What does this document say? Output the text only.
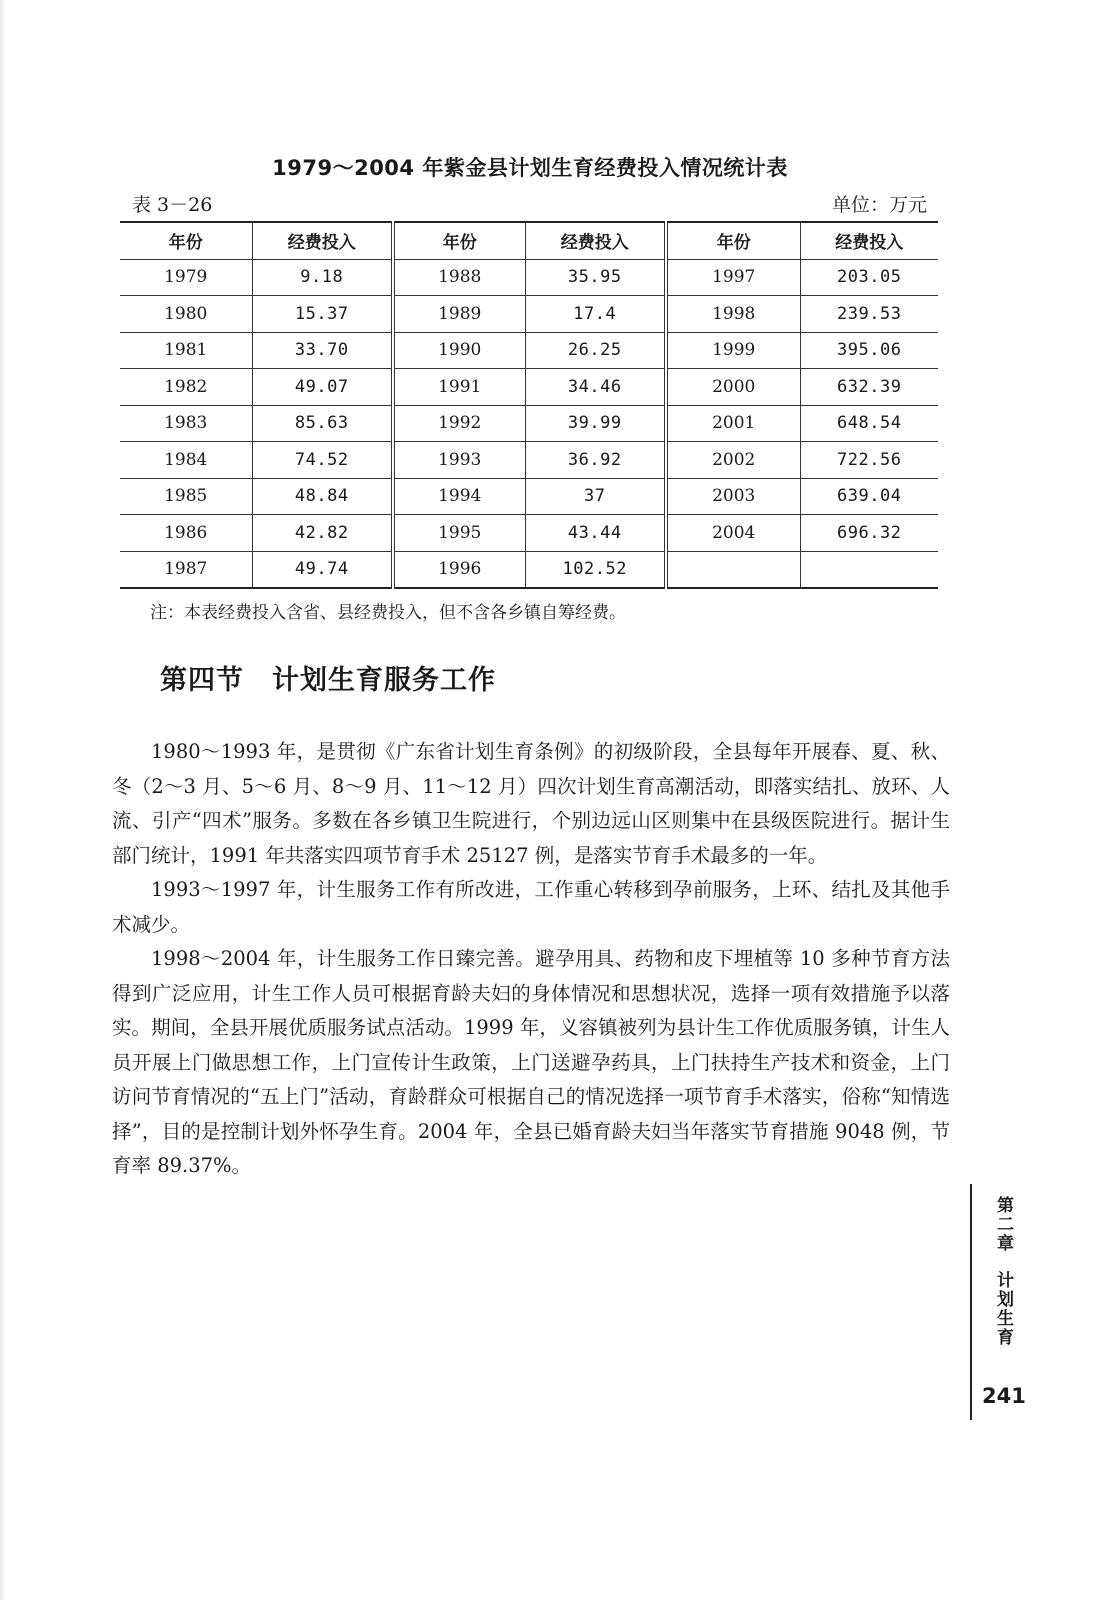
1979～2004 年紫金县计划生育经费投入情况统计表
表 3－26	单位：万元
年份	经费投入	年份	经费投入	年份	经费投入
1979	9.18	1988	35.95	1997	203.05
1980	15.37	1989	17.4	1998	239.53
1981	33.70	1990	26.25	1999	395.06
1982	49.07	1991	34.46	2000	632.39
1983	85.63	1992	39.99	2001	648.54
1984	74.52	1993	36.92	2002	722.56
1985	48.84	1994	37	2003	639.04
1986	42.82	1995	43.44	2004	696.32
1987	49.74	1996	102.52		
注：本表经费投入含省、县经费投入，但不含各乡镇自筹经费。
第四节　计划生育服务工作

1980～1993 年，是贯彻《广东省计划生育条例》的初级阶段，全县每年开展春、夏、秋、冬（2～3 月、5～6 月、8～9 月、11～12 月）四次计划生育高潮活动，即落实结扎、放环、人流、引产“四术”服务。多数在各乡镇卫生院进行，个别边远山区则集中在县级医院进行。据计生部门统计，1991 年共落实四项节育手术 25127 例，是落实节育手术最多的一年。

1993～1997 年，计生服务工作有所改进，工作重心转移到孕前服务，上环、结扎及其他手术减少。

1998～2004 年，计生服务工作日臻完善。避孕用具、药物和皮下埋植等 10 多种节育方法得到广泛应用，计生工作人员可根据育龄夫妇的身体情况和思想状况，选择一项有效措施予以落实。期间，全县开展优质服务试点活动。1999 年，义容镇被列为县计生工作优质服务镇，计生人员开展上门做思想工作，上门宣传计生政策，上门送避孕药具，上门扶持生产技术和资金，上门访问节育情况的“五上门”活动，育龄群众可根据自己的情况选择一项节育手术落实，俗称“知情选择”，目的是控制计划外怀孕生育。2004 年，全县已婚育龄夫妇当年落实节育措施 9048 例，节育率 89.37%。

第二章计划生育
241
